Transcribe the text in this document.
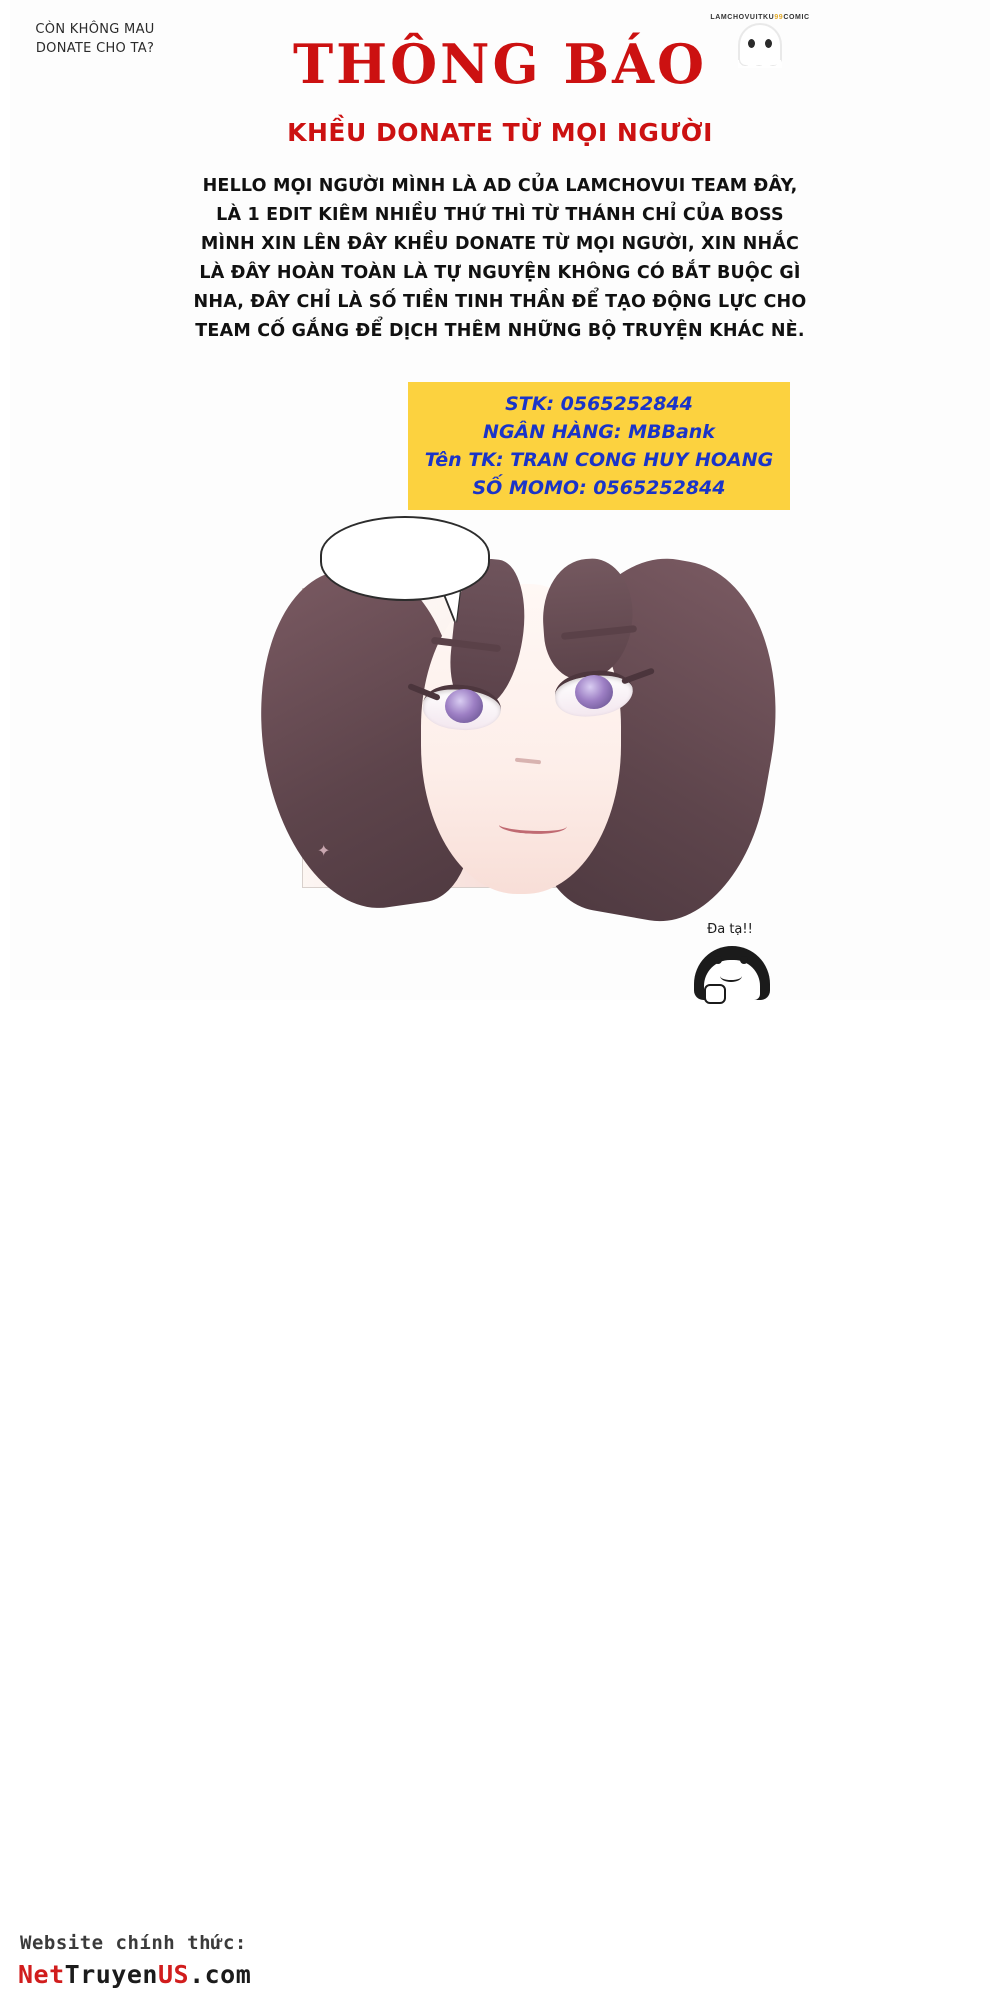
LAMCHOVUITKU99COMIC
THÔNG BÁO
KHỀU DONATE TỪ MỌI NGƯỜI
HELLO MỌI NGƯỜI MÌNH LÀ AD CỦA LAMCHOVUI TEAM ĐÂY, LÀ 1 EDIT KIÊM NHIỀU THỨ THÌ TỪ THÁNH CHỈ CỦA BOSS MÌNH XIN LÊN ĐÂY KHỀU DONATE TỪ MỌI NGƯỜI, XIN NHẮC LÀ ĐÂY HOÀN TOÀN LÀ TỰ NGUYỆN KHÔNG CÓ BẮT BUỘC GÌ NHA, ĐÂY CHỈ LÀ SỐ TIỀN TINH THẦN ĐỂ TẠO ĐỘNG LỰC CHO TEAM CỐ GẮNG ĐỂ DỊCH THÊM NHỮNG BỘ TRUYỆN KHÁC NÈ.
STK: 0565252844
NGÂN HÀNG: MBBank
Tên TK: TRAN CONG HUY HOANG
SỐ MOMO: 0565252844
✦
CÒN KHÔNG MAU
DONATE CHO TA?
Đa tạ!!
Website chính thức:
NetTruyenUS.com
